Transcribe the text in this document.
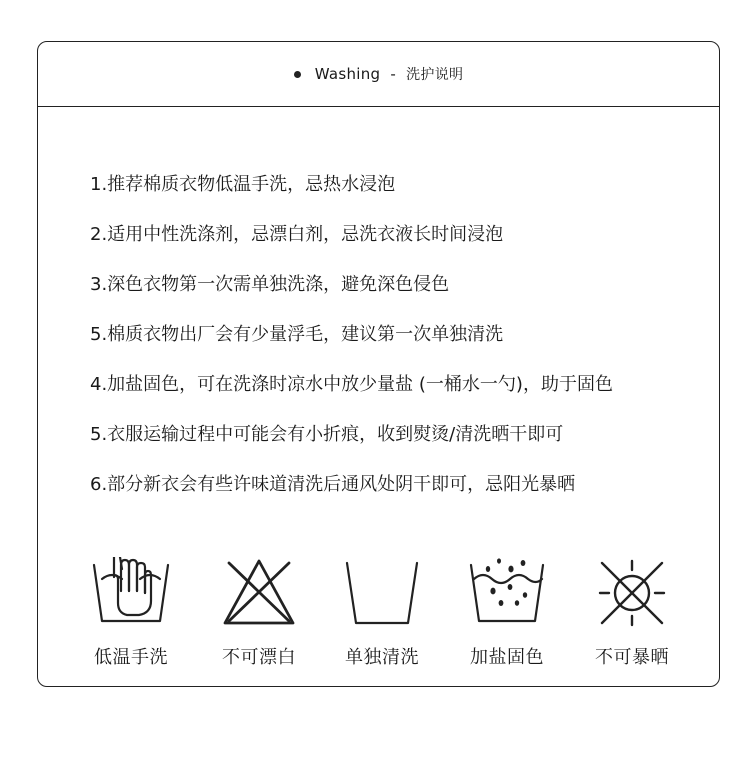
Washing - 洗护说明
1.推荐棉质衣物低温手洗，忌热水浸泡
2.适用中性洗涤剂，忌漂白剂，忌洗衣液长时间浸泡
3.深色衣物第一次需单独洗涤，避免深色侵色
5.棉质衣物出厂会有少量浮毛，建议第一次单独清洗
4.加盐固色，可在洗涤时凉水中放少量盐 (一桶水一勺)，助于固色
5.衣服运输过程中可能会有小折痕，收到熨烫/清洗晒干即可
6.部分新衣会有些许味道清洗后通风处阴干即可，忌阳光暴晒
低温手洗	不可漂白	单独清洗	加盐固色	不可暴晒
